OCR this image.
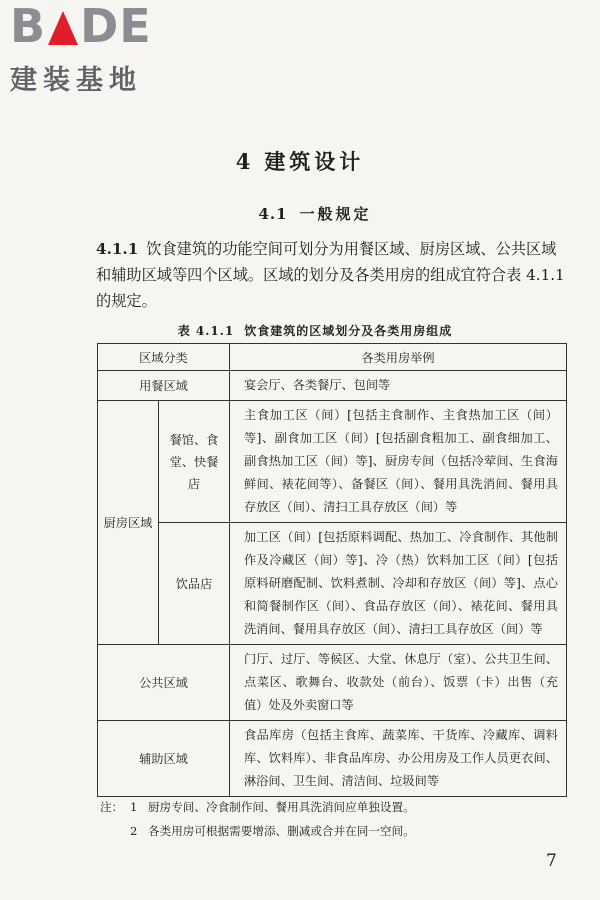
B DE
建装基地
4 建筑设计
4.1 一般规定
4.1.1 饮食建筑的功能空间可划分为用餐区域、厨房区域、公共区域和辅助区域等四个区域。区域的划分及各类用房的组成宜符合表 4.1.1 的规定。
表 4.1.1 饮食建筑的区域划分及各类用房组成
区域分类		各类用房举例
用餐区域		宴会厅、各类餐厅、包间等
厨房区域	餐馆、食堂、快餐店	主食加工区（间）[包括主食制作、主食热加工区（间）等]、副食加工区（间）[包括副食粗加工、副食细加工、副食热加工区（间）等]、厨房专间（包括冷荤间、生食海鲜间、裱花间等）、备餐区（间）、餐用具洗消间、餐用具存放区（间）、清扫工具存放区（间）等
	饮品店	加工区（间）[包括原料调配、热加工、冷食制作、其他制作及冷藏区（间）等]、冷（热）饮料加工区（间）[包括原料研磨配制、饮料煮制、冷却和存放区（间）等]、点心和简餐制作区（间）、食品存放区（间）、裱花间、餐用具洗消间、餐用具存放区（间）、清扫工具存放区（间）等
公共区域		门厅、过厅、等候区、大堂、休息厅（室）、公共卫生间、点菜区、歌舞台、收款处（前台）、饭票（卡）出售（充值）处及外卖窗口等
辅助区域		食品库房（包括主食库、蔬菜库、干货库、冷藏库、调料库、饮料库）、非食品库房、办公用房及工作人员更衣间、淋浴间、卫生间、清洁间、垃圾间等
注： 1 厨房专间、冷食制作间、餐用具洗消间应单独设置。
2 各类用房可根据需要增添、删减或合并在同一空间。
7
